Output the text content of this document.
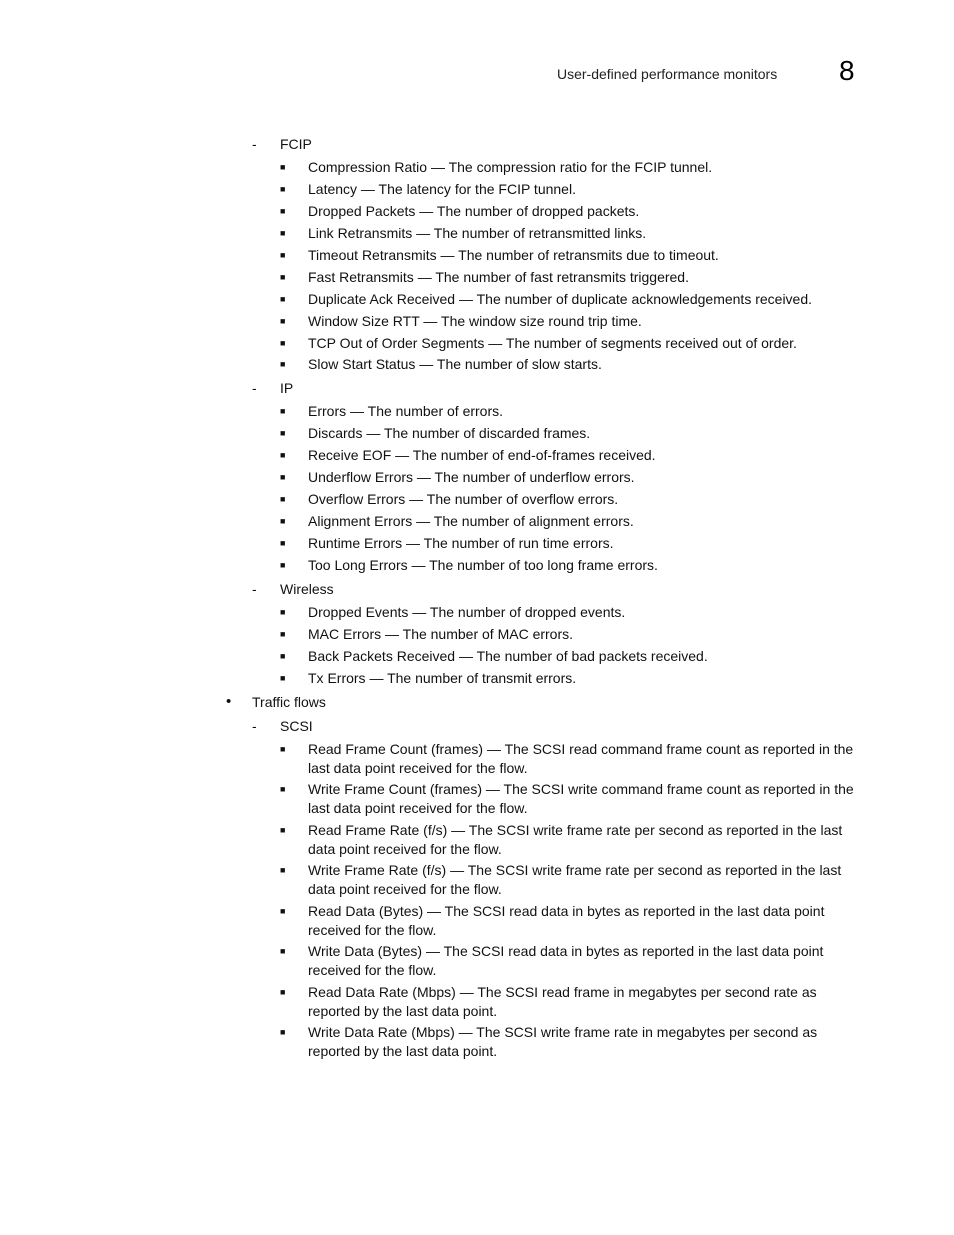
User-defined performance monitors 8
- FCIP
■ Compression Ratio — The compression ratio for the FCIP tunnel.
■ Latency — The latency for the FCIP tunnel.
■ Dropped Packets — The number of dropped packets.
■ Link Retransmits — The number of retransmitted links.
■ Timeout Retransmits — The number of retransmits due to timeout.
■ Fast Retransmits — The number of fast retransmits triggered.
■ Duplicate Ack Received — The number of duplicate acknowledgements received.
■ Window Size RTT — The window size round trip time.
■ TCP Out of Order Segments — The number of segments received out of order.
■ Slow Start Status — The number of slow starts.
- IP
■ Errors — The number of errors.
■ Discards — The number of discarded frames.
■ Receive EOF — The number of end-of-frames received.
■ Underflow Errors — The number of underflow errors.
■ Overflow Errors — The number of overflow errors.
■ Alignment Errors — The number of alignment errors.
■ Runtime Errors — The number of run time errors.
■ Too Long Errors — The number of too long frame errors.
- Wireless
■ Dropped Events — The number of dropped events.
■ MAC Errors — The number of MAC errors.
■ Back Packets Received — The number of bad packets received.
■ Tx Errors — The number of transmit errors.
• Traffic flows
- SCSI
■ Read Frame Count (frames) — The SCSI read command frame count as reported in the last data point received for the flow.
■ Write Frame Count (frames) — The SCSI write command frame count as reported in the last data point received for the flow.
■ Read Frame Rate (f/s) — The SCSI write frame rate per second as reported in the last data point received for the flow.
■ Write Frame Rate (f/s) — The SCSI write frame rate per second as reported in the last data point received for the flow.
■ Read Data (Bytes) — The SCSI read data in bytes as reported in the last data point received for the flow.
■ Write Data (Bytes) — The SCSI read data in bytes as reported in the last data point received for the flow.
■ Read Data Rate (Mbps) — The SCSI read frame in megabytes per second rate as reported by the last data point.
■ Write Data Rate (Mbps) — The SCSI write frame rate in megabytes per second as reported by the last data point.
